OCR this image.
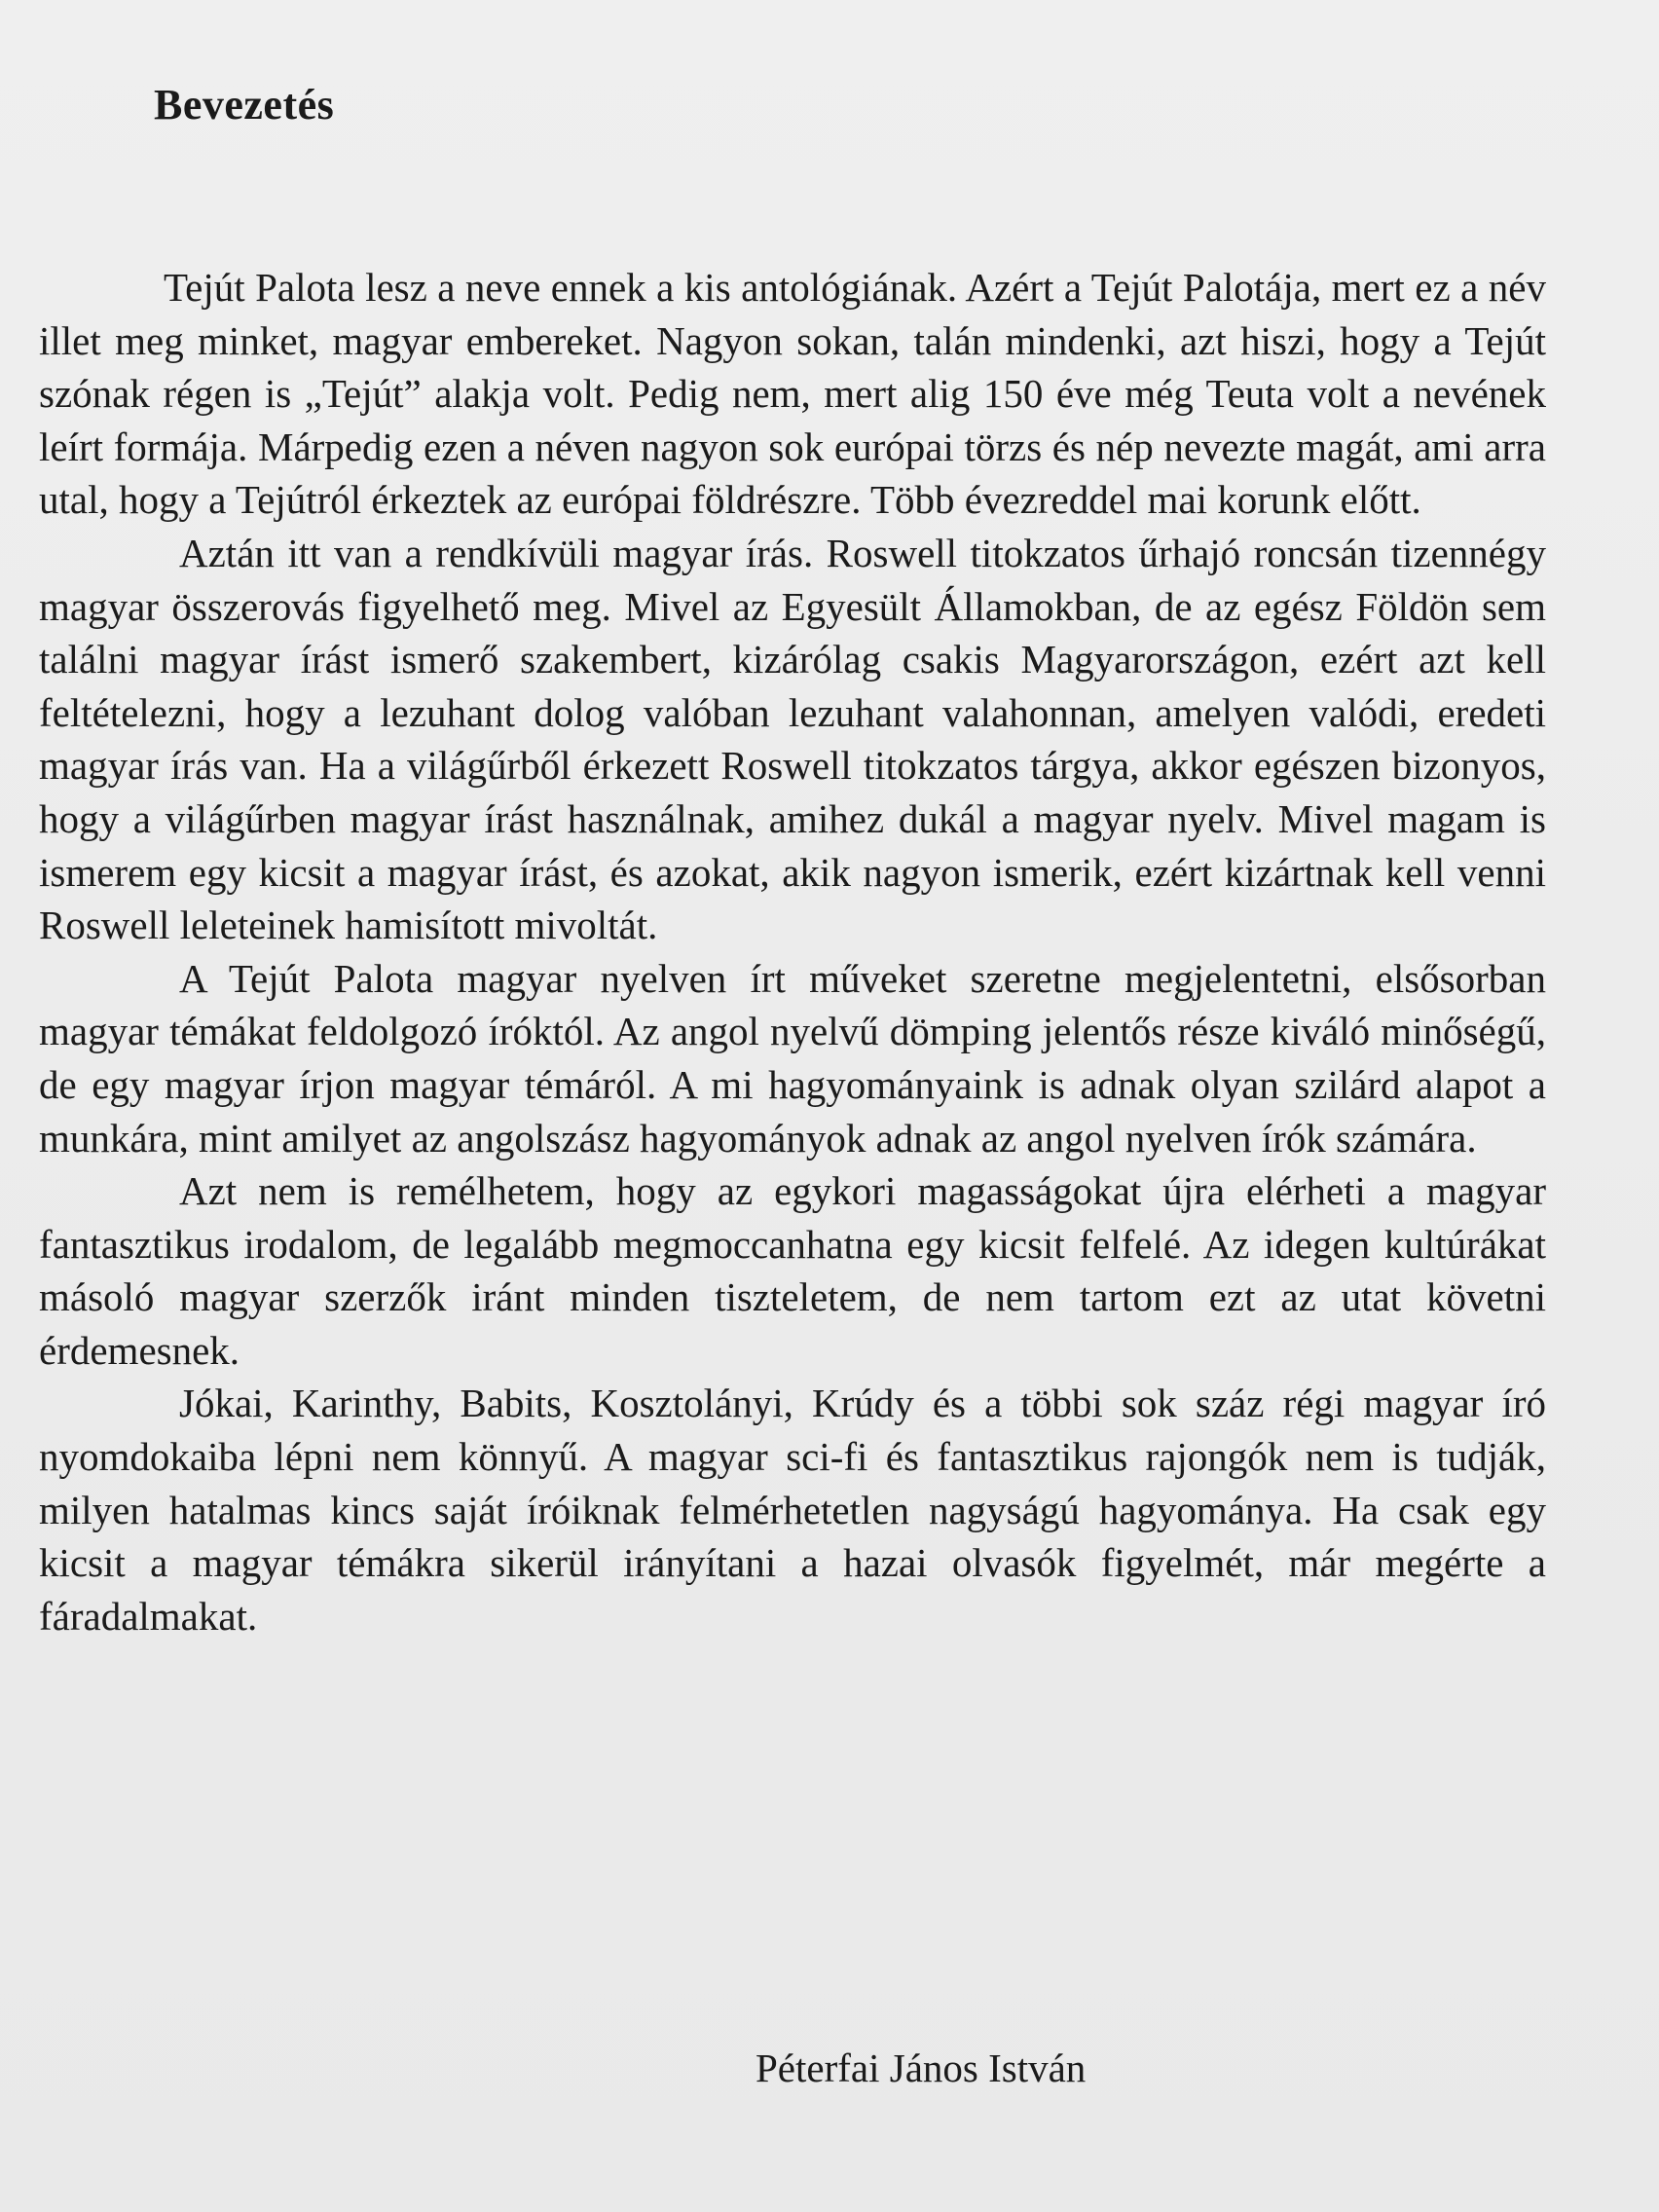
Bevezetés

Tejút Palota lesz a neve ennek a kis antológiának. Azért a Tejút Palotája, mert ez a név illet meg minket, magyar embereket. Nagyon sokan, talán mindenki, azt hiszi, hogy a Tejút szónak régen is „Tejút” alakja volt. Pedig nem, mert alig 150 éve még Teuta volt a nevének leírt formája. Márpedig ezen a néven nagyon sok európai törzs és nép nevezte magát, ami arra utal, hogy a Tejútról érkeztek az európai földrészre. Több évezreddel mai korunk előtt.

Aztán itt van a rendkívüli magyar írás. Roswell titokzatos űrhajó roncsán tizennégy magyar összerovás figyelhető meg. Mivel az Egyesült Államokban, de az egész Földön sem találni magyar írást ismerő szakembert, kizárólag csakis Magyarországon, ezért azt kell feltételezni, hogy a lezuhant dolog valóban lezuhant valahonnan, amelyen valódi, eredeti magyar írás van. Ha a világűrből érkezett Roswell titokzatos tárgya, akkor egészen bizonyos, hogy a világűrben magyar írást használnak, amihez dukál a magyar nyelv. Mivel magam is ismerem egy kicsit a magyar írást, és azokat, akik nagyon ismerik, ezért kizártnak kell venni Roswell leleteinek hamisított mivoltát.

A Tejút Palota magyar nyelven írt műveket szeretne megjelentetni, elsősorban magyar témákat feldolgozó íróktól. Az angol nyelvű dömping jelentős része kiváló minőségű, de egy magyar írjon magyar témáról. A mi hagyományaink is adnak olyan szilárd alapot a munkára, mint amilyet az angolszász hagyományok adnak az angol nyelven írók számára.

Azt nem is remélhetem, hogy az egykori magasságokat újra elérheti a magyar fantasztikus irodalom, de legalább megmoccanhatna egy kicsit felfelé. Az idegen kultúrákat másoló magyar szerzők iránt minden tiszteletem, de nem tartom ezt az utat követni érdemesnek.

Jókai, Karinthy, Babits, Kosztolányi, Krúdy és a többi sok száz régi magyar író nyomdokaiba lépni nem könnyű. A magyar sci-fi és fantasztikus rajongók nem is tudják, milyen hatalmas kincs saját íróiknak felmérhetetlen nagyságú hagyománya. Ha csak egy kicsit a magyar témákra sikerül irányítani a hazai olvasók figyelmét, már megérte a fáradalmakat.

Péterfai János István
